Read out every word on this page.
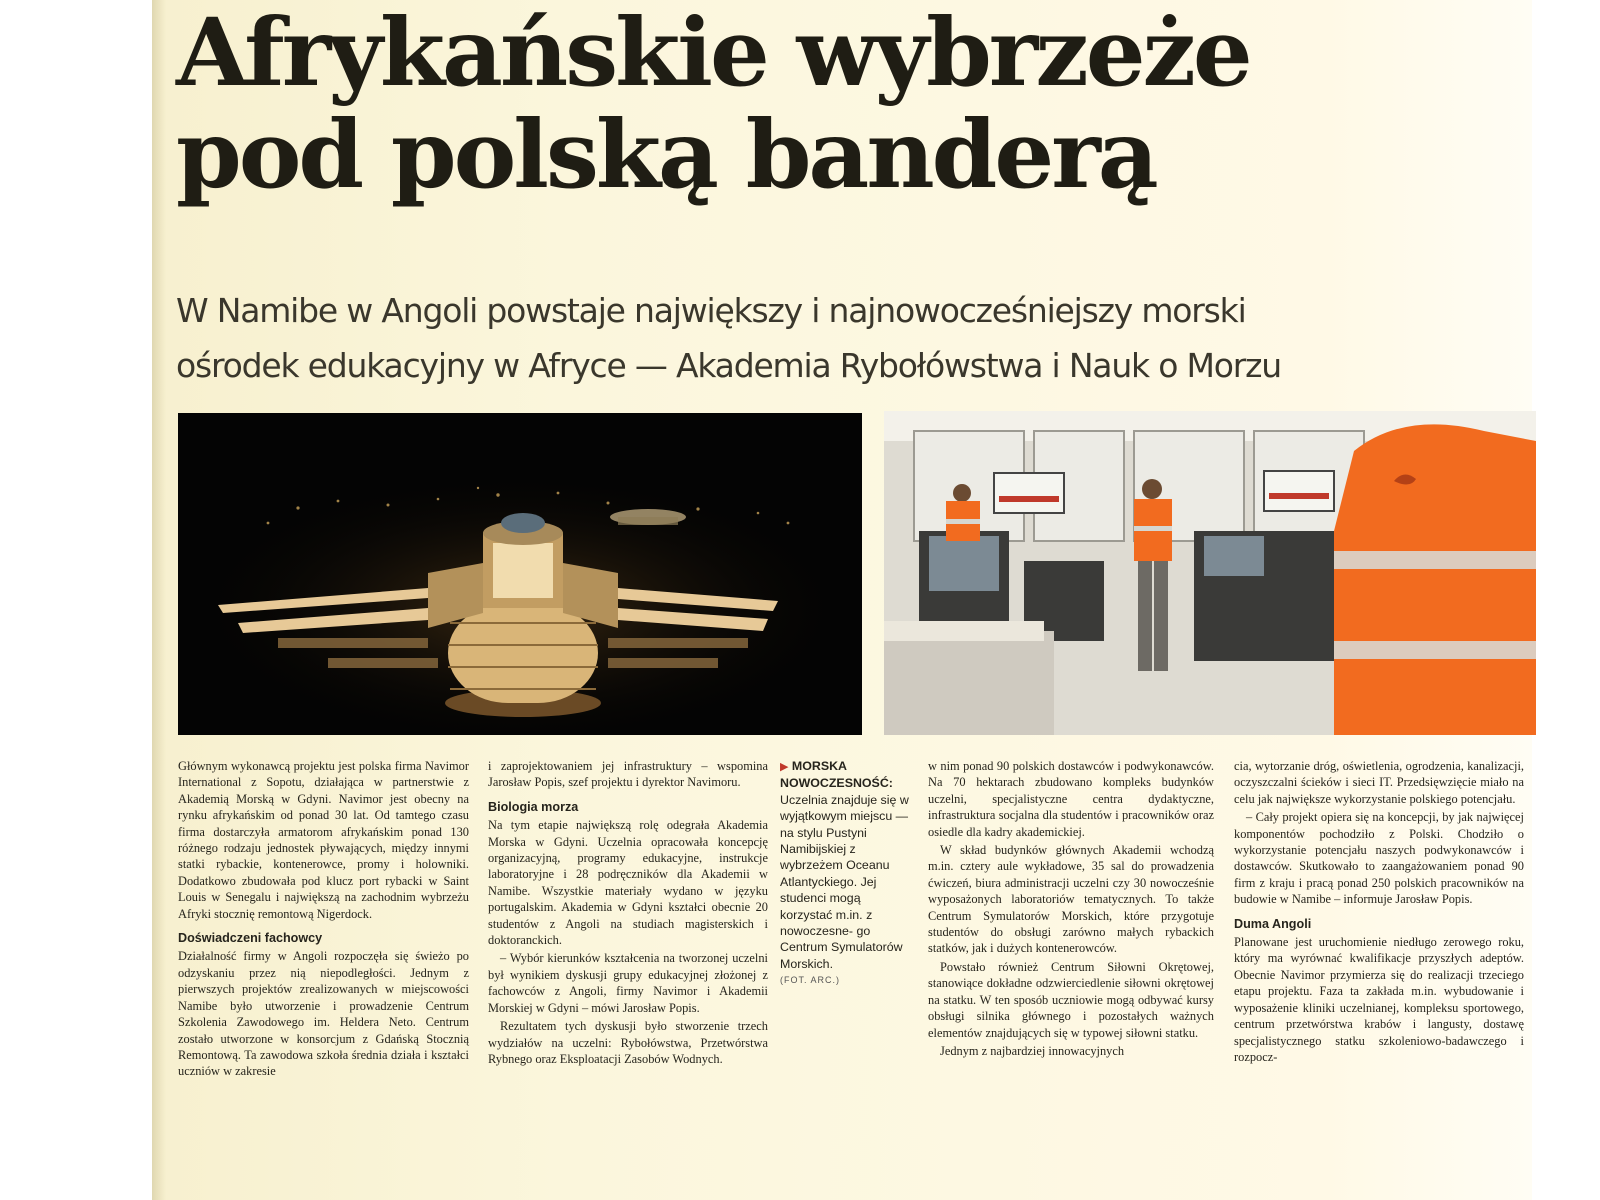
Afrykańskie wybrzeże
pod polską banderą
W Namibe w Angoli powstaje największy i najnowocześniejszy morski
ośrodek edukacyjny w Afryce — Akademia Rybołówstwa i Nauk o Morzu

Głównym wykonawcą projektu jest polska firma Navimor International z Sopotu, działająca w partnerstwie z Akademią Morską w Gdyni. Navimor jest obecny na rynku afrykańskim od ponad 30 lat. Od tamtego czasu firma dostarczyła armatorom afrykańskim ponad 130 różnego rodzaju jednostek pływających, między innymi statki rybackie, kontenerowce, promy i holowniki. Dodatkowo zbudowała pod klucz port rybacki w Saint Louis w Senegalu i największą na zachodnim wybrzeżu Afryki stocznię remontową Nigerdock.

Doświadczeni fachowcy

Działalność firmy w Angoli rozpoczęła się świeżo po odzyskaniu przez nią niepodległości. Jednym z pierwszych projektów zrealizowanych w miejscowości Namibe było utworzenie i prowadzenie Centrum Szkolenia Zawodowego im. Heldera Neto. Centrum zostało utworzone w konsorcjum z Gdańską Stocznią Remontową. Ta zawodowa szkoła średnia działa i kształci uczniów w zakresie

i zaprojektowaniem jej infrastruktury – wspomina Jarosław Popis, szef projektu i dyrektor Navimoru.

Biologia morza

Na tym etapie największą rolę odegrała Akademia Morska w Gdyni. Uczelnia opracowała koncepcję organizacyjną, programy edukacyjne, instrukcje laboratoryjne i 28 podręczników dla Akademii w Namibe. Wszystkie materiały wydano w języku portugalskim. Akademia w Gdyni kształci obecnie 20 studentów z Angoli na studiach magisterskich i doktoranckich.

– Wybór kierunków kształcenia na tworzonej uczelni był wynikiem dyskusji grupy edukacyjnej złożonej z fachowców z Angoli, firmy Navimor i Akademii Morskiej w Gdyni – mówi Jarosław Popis.

Rezultatem tych dyskusji było stworzenie trzech wydziałów na uczelni: Rybołówstwa, Przetwórstwa Rybnego oraz Eksploatacji Zasobów Wodnych.

▶ MORSKA NOWOCZESNOŚĆ:
Uczelnia znajduje się w wyjątkowym miejscu — na stylu Pustyni Namibijskiej z wybrzeżem Oceanu Atlantyckiego. Jej studenci mogą korzystać m.in. z nowoczesne- go Centrum Symulatorów Morskich.
(FOT. ARC.)

w nim ponad 90 polskich dostawców i podwykonawców. Na 70 hektarach zbudowano kompleks budynków uczelni, specjalistyczne centra dydaktyczne, infrastruktura socjalna dla studentów i pracowników oraz osiedle dla kadry akademickiej.

W skład budynków głównych Akademii wchodzą m.in. cztery aule wykładowe, 35 sal do prowadzenia ćwiczeń, biura administracji uczelni czy 30 nowocześnie wyposażonych laboratoriów tematycznych. To także Centrum Symulatorów Morskich, które przygotuje studentów do obsługi zarówno małych rybackich statków, jak i dużych kontenerowców.

Powstało również Centrum Siłowni Okrętowej, stanowiące dokładne odzwierciedlenie siłowni okrętowej na statku. W ten sposób uczniowie mogą odbywać kursy obsługi silnika głównego i pozostałych ważnych elementów znajdujących się w typowej siłowni statku.

Jednym z najbardziej innowacyjnych

cia, wytorzanie dróg, oświetlenia, ogrodzenia, kanalizacji, oczyszczalni ścieków i sieci IT. Przedsięwzięcie miało na celu jak największe wykorzystanie polskiego potencjału.

– Cały projekt opiera się na koncepcji, by jak najwięcej komponentów pochodziło z Polski. Chodziło o wykorzystanie potencjału naszych podwykonawców i dostawców. Skutkowało to zaangażowaniem ponad 90 firm z kraju i pracą ponad 250 polskich pracowników na budowie w Namibe – informuje Jarosław Popis.

Duma Angoli

Planowane jest uruchomienie niedługo zerowego roku, który ma wyrównać kwalifikacje przyszłych adeptów. Obecnie Navimor przymierza się do realizacji trzeciego etapu projektu. Faza ta zakłada m.in. wybudowanie i wyposażenie kliniki uczelnianej, kompleksu sportowego, centrum przetwórstwa krabów i langusty, dostawę specjalistycznego statku szkoleniowo-badawczego i rozpocz-
